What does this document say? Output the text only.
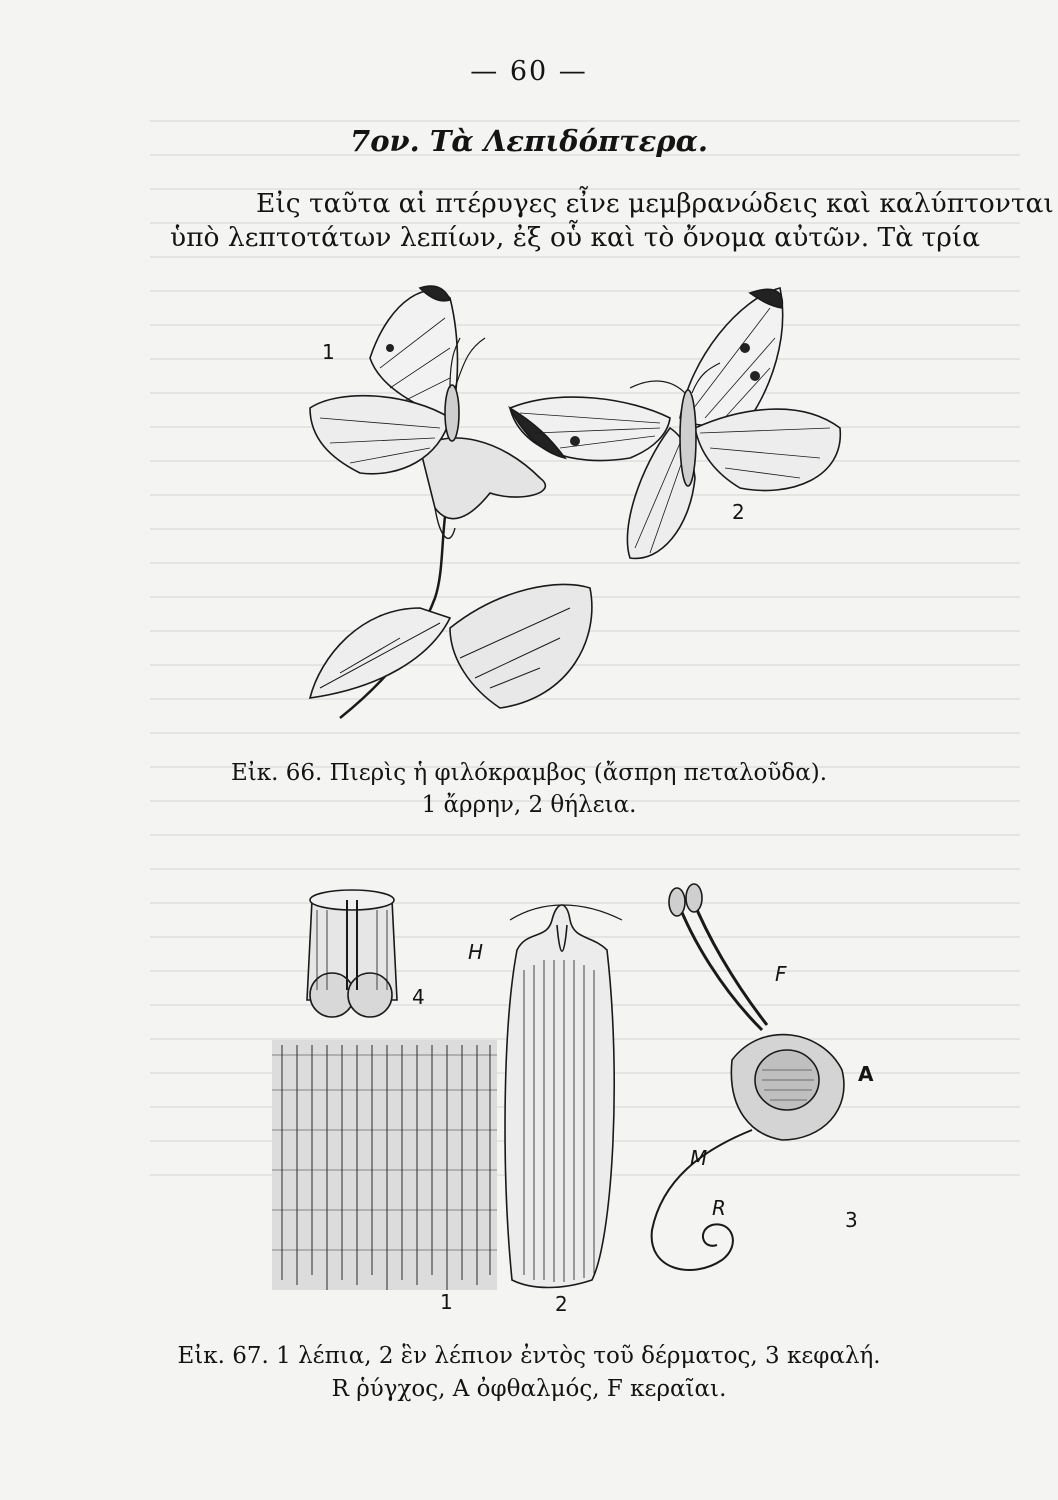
— 60 —
7ον. Τὰ Λεπιδόπτερα.
Εἰς ταῦτα αἱ πτέρυγες εἶνε μεμβρανώδεις καὶ καλύπτονται
ὑπὸ λεπτοτάτων λεπίων, ἐξ οὗ καὶ τὸ ὄνομα αὐτῶν. Τὰ τρία
1
2
Εἰκ. 66. Πιερὶς ἡ φιλόκραμβος (ἄσπρη πεταλοῦδα).
1 ἄρρην, 2 θήλεια.
4
H
1	2
F
A
M
R	3
Εἰκ. 67. 1 λέπια, 2 ἓν λέπιον ἐντὸς τοῦ δέρματος, 3 κεφαλή.
R ῥύγχος, Α ὀφθαλμός, F κεραῖαι.
